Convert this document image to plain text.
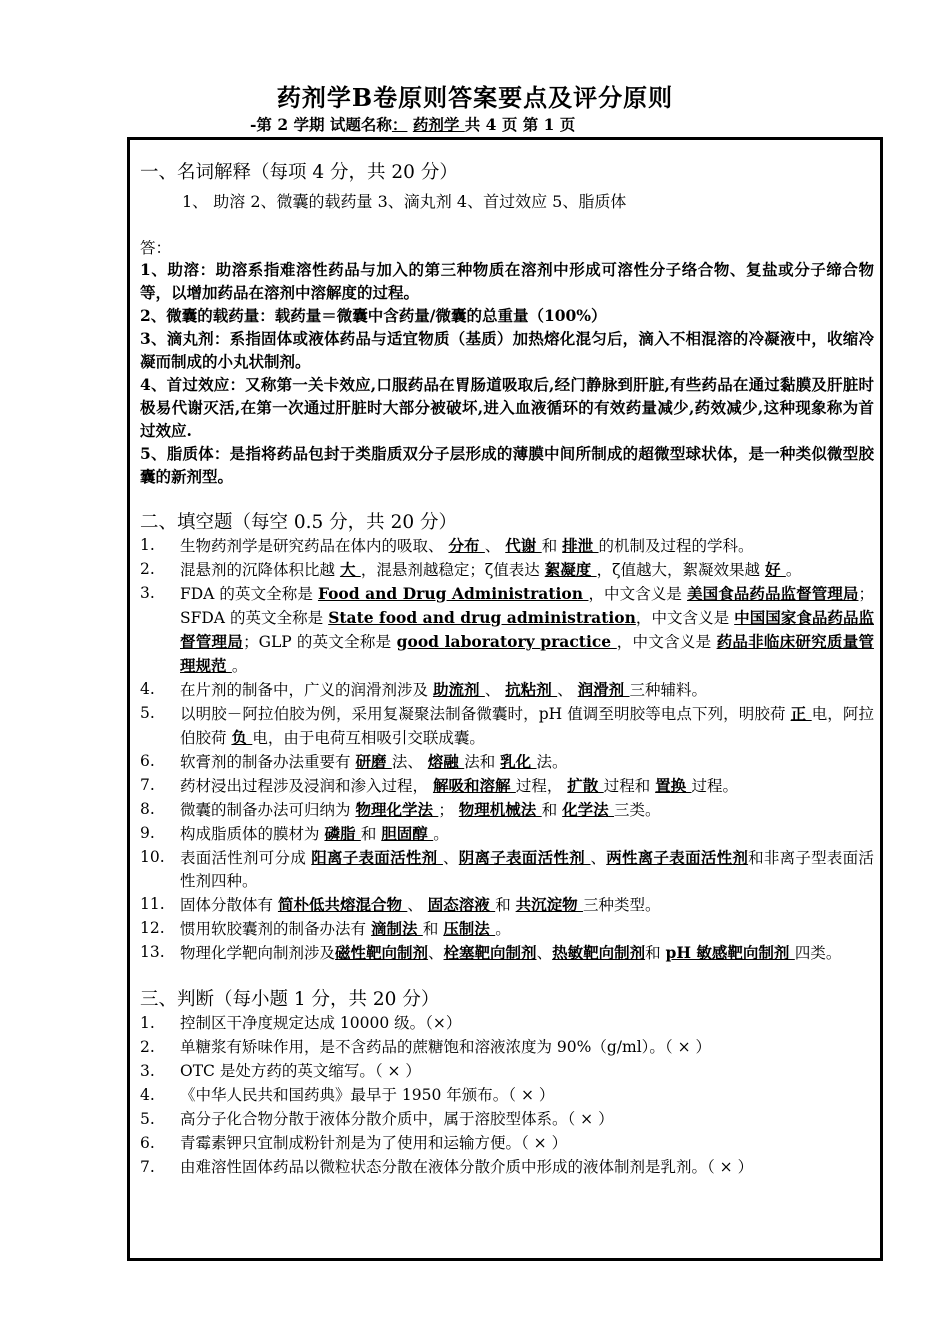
药剂学B卷原则答案要点及评分原则
-第 2 学期 试题名称： 药剂学 共 4 页 第 1 页
一、名词解释（每项 4 分，共 20 分）
1、 助溶 2、微囊的载药量 3、滴丸剂 4、首过效应 5、脂质体
答：
1、助溶：助溶系指难溶性药品与加入的第三种物质在溶剂中形成可溶性分子络合物、复盐或分子缔合物等，以增加药品在溶剂中溶解度的过程。
2、微囊的载药量：载药量＝微囊中含药量/微囊的总重量（100%）
3、滴丸剂：系指固体或液体药品与适宜物质（基质）加热熔化混匀后，滴入不相混溶的冷凝液中，收缩冷凝而制成的小丸状制剂。
4、首过效应：又称第一关卡效应,口服药品在胃肠道吸取后,经门静脉到肝脏,有些药品在通过黏膜及肝脏时极易代谢灭活,在第一次通过肝脏时大部分被破坏,进入血液循环的有效药量减少,药效减少,这种现象称为首过效应.
5、脂质体：是指将药品包封于类脂质双分子层形成的薄膜中间所制成的超微型球状体，是一种类似微型胶囊的新剂型。
二、填空题（每空 0.5 分，共 20 分）
1.	生物药剂学是研究药品在体内的吸取、 分布 、 代谢 和 排泄 的机制及过程的学科。
2.	混悬剂的沉降体积比越 大 ，混悬剂越稳定；ζ值表达 絮凝度 ，ζ值越大，絮凝效果越 好 。
3.	FDA 的英文全称是 Food and Drug Administration ，中文含义是 美国食品药品监督管理局；SFDA 的英文全称是 State food and drug administration，中文含义是 中国国家食品药品监督管理局；GLP 的英文全称是 good laboratory practice ，中文含义是 药品非临床研究质量管理规范 。
4.	在片剂的制备中，广义的润滑剂涉及 助流剂 、 抗粘剂 、 润滑剂 三种辅料。
5.	以明胶－阿拉伯胶为例，采用复凝聚法制备微囊时，pH 值调至明胶等电点下列，明胶荷 正 电，阿拉伯胶荷 负 电，由于电荷互相吸引交联成囊。
6.	软膏剂的制备办法重要有 研磨 法、 熔融 法和 乳化 法。
7.	药材浸出过程涉及浸润和渗入过程， 解吸和溶解 过程， 扩散 过程和 置换 过程。
8.	微囊的制备办法可归纳为 物理化学法 ； 物理机械法 和 化学法 三类。
9.	构成脂质体的膜材为 磷脂 和 胆固醇 。
10. 表面活性剂可分成 阳离子表面活性剂 、阴离子表面活性剂 、两性离子表面活性剂和非离子型表面活性剂四种。
11. 固体分散体有 简朴低共熔混合物 、 固态溶液 和 共沉淀物 三种类型。
12. 惯用软胶囊剂的制备办法有 滴制法 和 压制法 。
13. 物理化学靶向制剂涉及磁性靶向制剂、栓塞靶向制剂、热敏靶向制剂和 pH 敏感靶向制剂 四类。
三、判断（每小题 1 分，共 20 分）
1.	控制区干净度规定达成 10000 级。（×）
2.	单糖浆有矫味作用，是不含药品的蔗糖饱和溶液浓度为 90%（g/ml）。（ × ）
3.	OTC 是处方药的英文缩写。（ × ）
4.	《中华人民共和国药典》最早于 1950 年颁布。（ × ）
5.	高分子化合物分散于液体分散介质中，属于溶胶型体系。（ × ）
6.	青霉素钾只宜制成粉针剂是为了使用和运输方便。（ × ）
7.	由难溶性固体药品以微粒状态分散在液体分散介质中形成的液体制剂是乳剂。（ × ）
